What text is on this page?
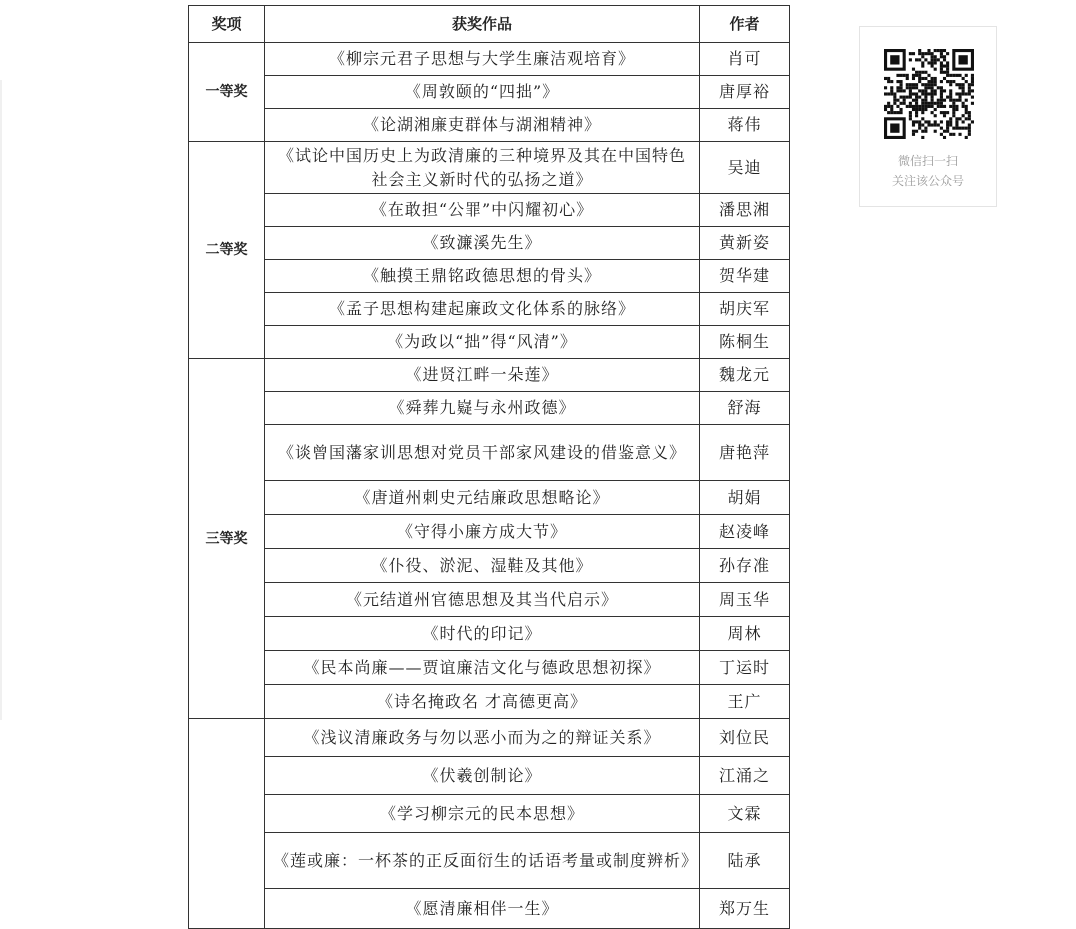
奖项	获奖作品	作者
一等奖	《柳宗元君子思想与大学生廉洁观培育》	肖可
	《周敦颐的“四拙”》	唐厚裕
	《论湖湘廉吏群体与湖湘精神》	蒋伟
二等奖	《试论中国历史上为政清廉的三种境界及其在中国特色社会主义新时代的弘扬之道》	吴迪
	《在敢担“公罪”中闪耀初心》	潘思湘
	《致濂溪先生》	黄新姿
	《触摸王鼎铭政德思想的骨头》	贺华建
	《孟子思想构建起廉政文化体系的脉络》	胡庆军
	《为政以“拙”得“风清”》	陈桐生
三等奖	《进贤江畔一朵莲》	魏龙元
	《舜葬九嶷与永州政德》	舒海
	《谈曾国藩家训思想对党员干部家风建设的借鉴意义》	唐艳萍
	《唐道州刺史元结廉政思想略论》	胡娟
	《守得小廉方成大节》	赵凌峰
	《仆役、淤泥、湿鞋及其他》	孙存准
	《元结道州官德思想及其当代启示》	周玉华
	《时代的印记》	周林
	《民本尚廉——贾谊廉洁文化与德政思想初探》	丁运时
	《诗名掩政名 才高德更高》	王广
	《浅议清廉政务与勿以恶小而为之的辩证关系》	刘位民
	《伏羲创制论》	江涌之
	《学习柳宗元的民本思想》	文霖
	《莲或廉：一杯茶的正反面衍生的话语考量或制度辨析》	陆承
	《愿清廉相伴一生》	郑万生
微信扫一扫
关注该公众号
